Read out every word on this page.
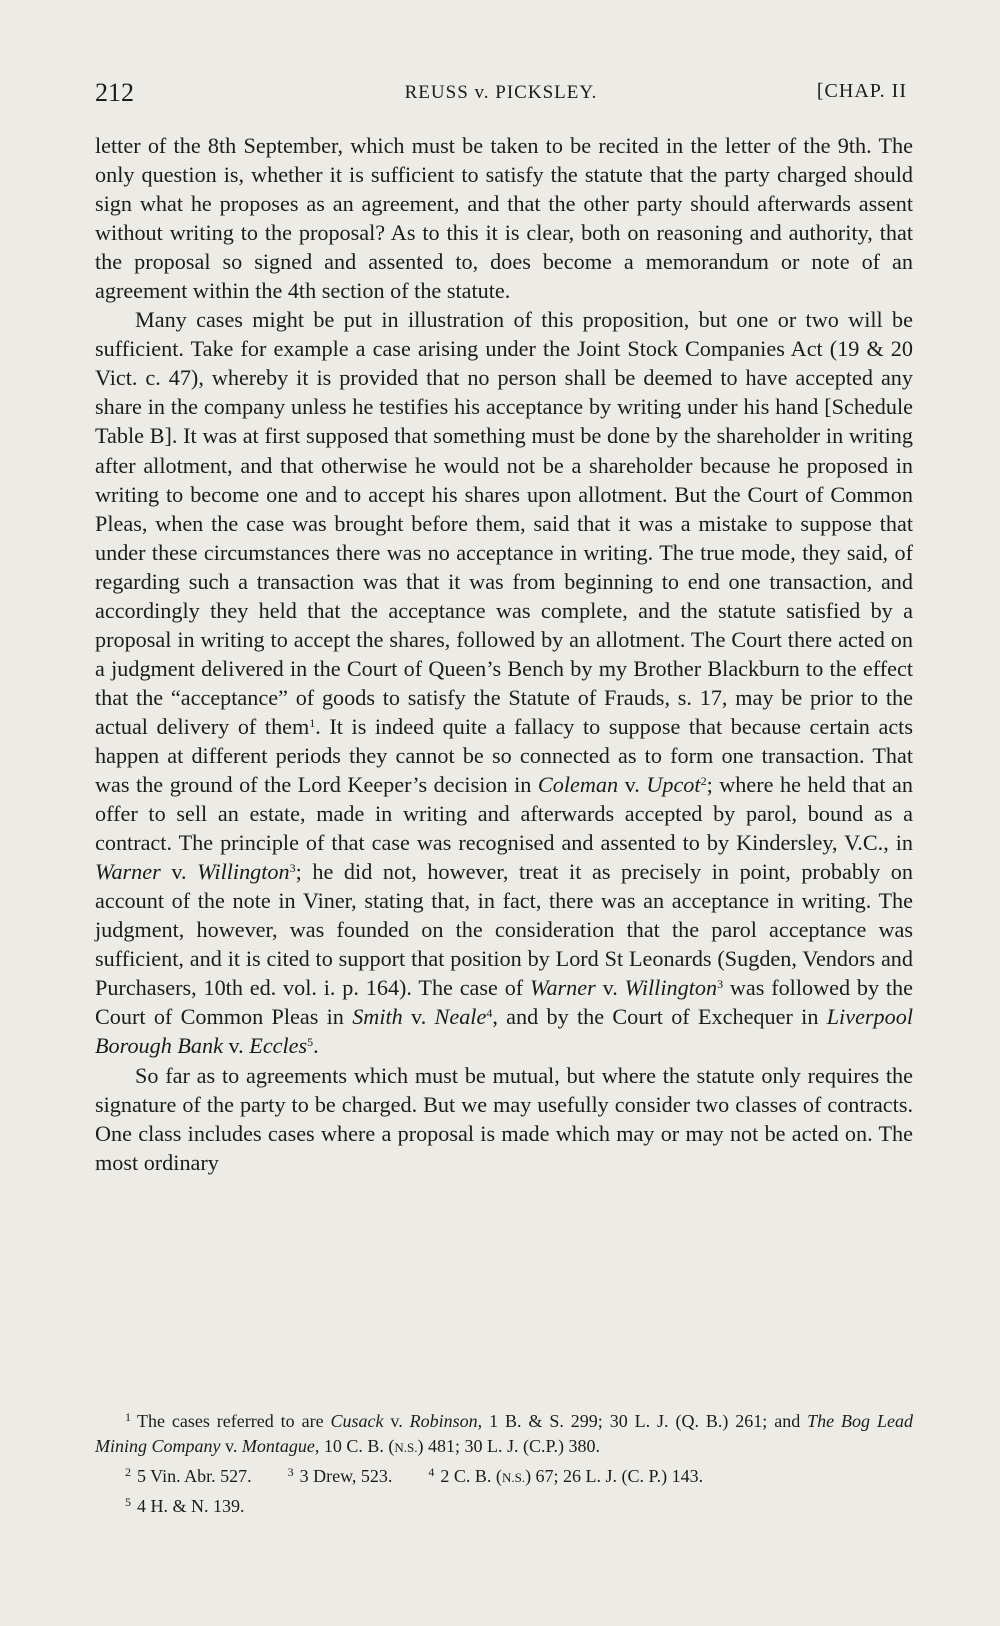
212	REUSS v. PICKSLEY.	[CHAP. II

letter of the 8th September, which must be taken to be recited in the letter of the 9th. The only question is, whether it is sufficient to satisfy the statute that the party charged should sign what he proposes as an agreement, and that the other party should afterwards assent without writing to the proposal? As to this it is clear, both on reasoning and authority, that the proposal so signed and assented to, does become a memorandum or note of an agreement within the 4th section of the statute.

Many cases might be put in illustration of this proposition, but one or two will be sufficient. Take for example a case arising under the Joint Stock Companies Act (19 & 20 Vict. c. 47), whereby it is provided that no person shall be deemed to have accepted any share in the company unless he testifies his acceptance by writing under his hand [Schedule Table B]. It was at first supposed that something must be done by the shareholder in writing after allotment, and that otherwise he would not be a shareholder because he proposed in writing to become one and to accept his shares upon allotment. But the Court of Common Pleas, when the case was brought before them, said that it was a mistake to suppose that under these circumstances there was no acceptance in writing. The true mode, they said, of regarding such a transaction was that it was from beginning to end one transaction, and accordingly they held that the acceptance was complete, and the statute satisfied by a proposal in writing to accept the shares, followed by an allotment. The Court there acted on a judgment delivered in the Court of Queen’s Bench by my Brother Blackburn to the effect that the “acceptance” of goods to satisfy the Statute of Frauds, s. 17, may be prior to the actual delivery of them$^1$. It is indeed quite a fallacy to suppose that because certain acts happen at different periods they cannot be so connected as to form one transaction. That was the ground of the Lord Keeper’s decision in Coleman v. Upcot$^2$; where he held that an offer to sell an estate, made in writing and afterwards accepted by parol, bound as a contract. The principle of that case was recognised and assented to by Kindersley, V.C., in Warner v. Willington$^3$; he did not, however, treat it as precisely in point, probably on account of the note in Viner, stating that, in fact, there was an acceptance in writing. The judgment, however, was founded on the consideration that the parol acceptance was sufficient, and it is cited to support that position by Lord St Leonards (Sugden, Vendors and Purchasers, 10th ed. vol. i. p. 164). The case of Warner v. Willington$^3$ was followed by the Court of Common Pleas in Smith v. Neale$^4$, and by the Court of Exchequer in Liverpool Borough Bank v. Eccles$^5$.

So far as to agreements which must be mutual, but where the statute only requires the signature of the party to be charged. But we may usefully consider two classes of contracts. One class includes cases where a proposal is made which may or may not be acted on. The most ordinary

$^1$ The cases referred to are Cusack v. Robinson, 1 B. & S. 299; 30 L. J. (Q. B.) 261; and The Bog Lead Mining Company v. Montague, 10 C. B. (N.S.) 481; 30 L. J. (C.P.) 380.

$^2$ 5 Vin. Abr. 527.	$^3$ 3 Drew, 523.	$^4$ 2 C. B. (N.S.) 67; 26 L. J. (C. P.) 143.

$^5$ 4 H. & N. 139.
